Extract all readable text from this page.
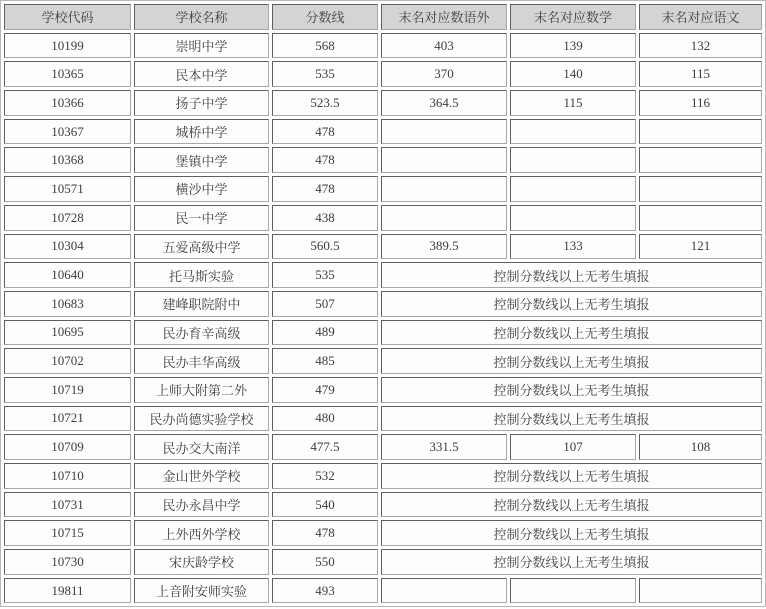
学校代码	学校名称	分数线	末名对应数语外	末名对应数学	末名对应语文
10199	崇明中学	568	403	139	132
10365	民本中学	535	370	140	115
10366	扬子中学	523.5	364.5	115	116
10367	城桥中学	478			
10368	堡镇中学	478			
10571	横沙中学	478			
10728	民一中学	438			
10304	五爱高级中学	560.5	389.5	133	121
10640	托马斯实验	535	控制分数线以上无考生填报		
10683	建峰职院附中	507	控制分数线以上无考生填报		
10695	民办育辛高级	489	控制分数线以上无考生填报		
10702	民办丰华高级	485	控制分数线以上无考生填报		
10719	上师大附第二外	479	控制分数线以上无考生填报		
10721	民办尚德实验学校	480	控制分数线以上无考生填报		
10709	民办交大南洋	477.5	331.5	107	108
10710	金山世外学校	532	控制分数线以上无考生填报		
10731	民办永昌中学	540	控制分数线以上无考生填报		
10715	上外西外学校	478	控制分数线以上无考生填报		
10730	宋庆龄学校	550	控制分数线以上无考生填报		
19811	上音附安师实验	493			
